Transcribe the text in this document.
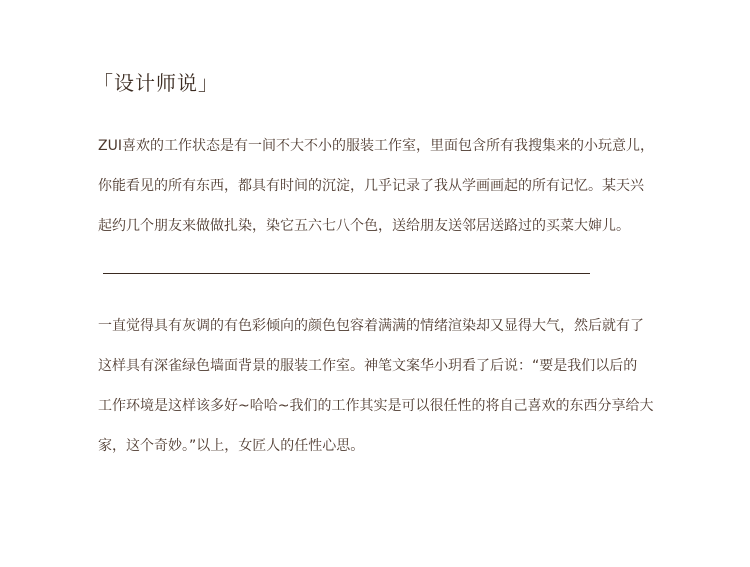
「设计师说」
ZUI喜欢的工作状态是有一间不大不小的服装工作室，里面包含所有我搜集来的小玩意儿，
你能看见的所有东西，都具有时间的沉淀，几乎记录了我从学画画起的所有记忆。某天兴
起约几个朋友来做做扎染，染它五六七八个色，送给朋友送邻居送路过的买菜大婶儿。
一直觉得具有灰调的有色彩倾向的颜色包容着满满的情绪渲染却又显得大气，然后就有了
这样具有深雀绿色墙面背景的服装工作室。神笔文案华小玥看了后说：“要是我们以后的
工作环境是这样该多好~哈哈~我们的工作其实是可以很任性的将自己喜欢的东西分享给大
家，这个奇妙。”以上，女匠人的任性心思。
